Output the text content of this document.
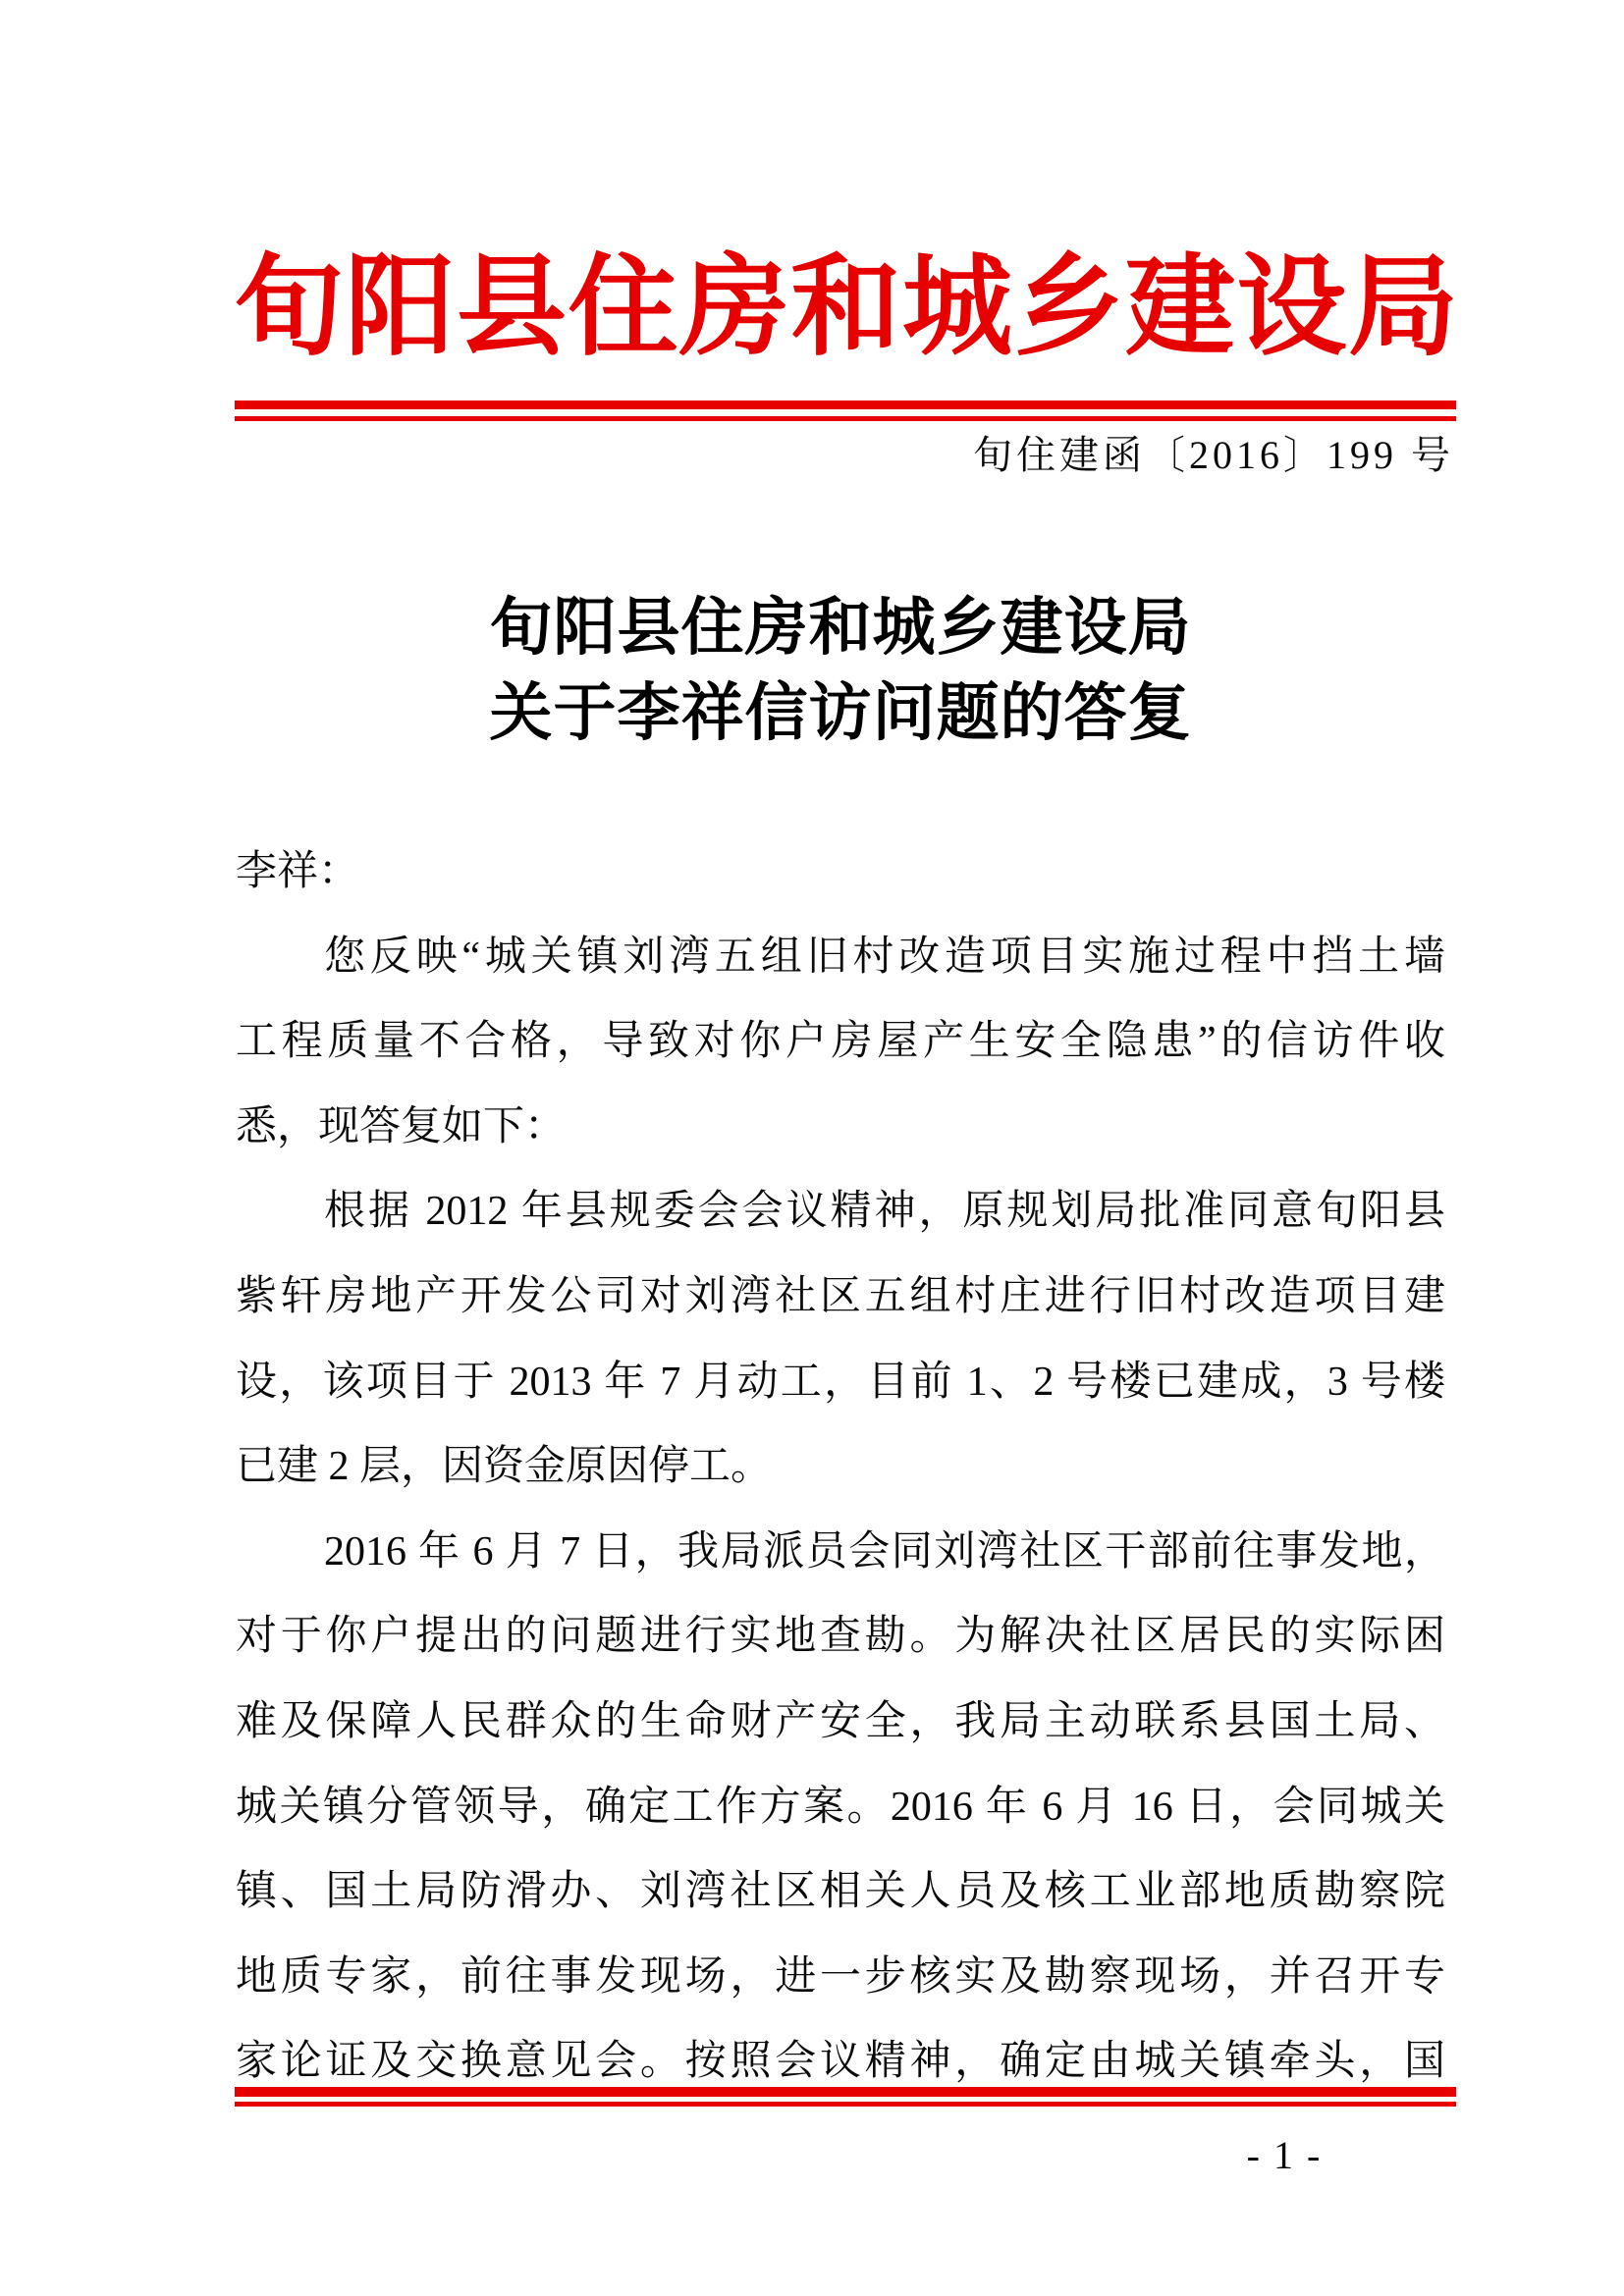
旬阳县住房和城乡建设局
旬住建函〔2016〕199 号
旬阳县住房和城乡建设局
关于李祥信访问题的答复
李祥：
您反映“城关镇刘湾五组旧村改造项目实施过程中挡土墙
工程质量不合格，导致对你户房屋产生安全隐患”的信访件收
悉，现答复如下：
根据 2012 年县规委会会议精神，原规划局批准同意旬阳县
紫轩房地产开发公司对刘湾社区五组村庄进行旧村改造项目建
设，该项目于 2013 年 7 月动工，目前 1、2 号楼已建成，3 号楼
已建 2 层，因资金原因停工。
2016 年 6 月 7 日，我局派员会同刘湾社区干部前往事发地，
对于你户提出的问题进行实地查勘。为解决社区居民的实际困
难及保障人民群众的生命财产安全，我局主动联系县国土局、
城关镇分管领导，确定工作方案。2016 年 6 月 16 日，会同城关
镇、国土局防滑办、刘湾社区相关人员及核工业部地质勘察院
地质专家，前往事发现场，进一步核实及勘察现场，并召开专
家论证及交换意见会。按照会议精神，确定由城关镇牵头，国
- 1 -
